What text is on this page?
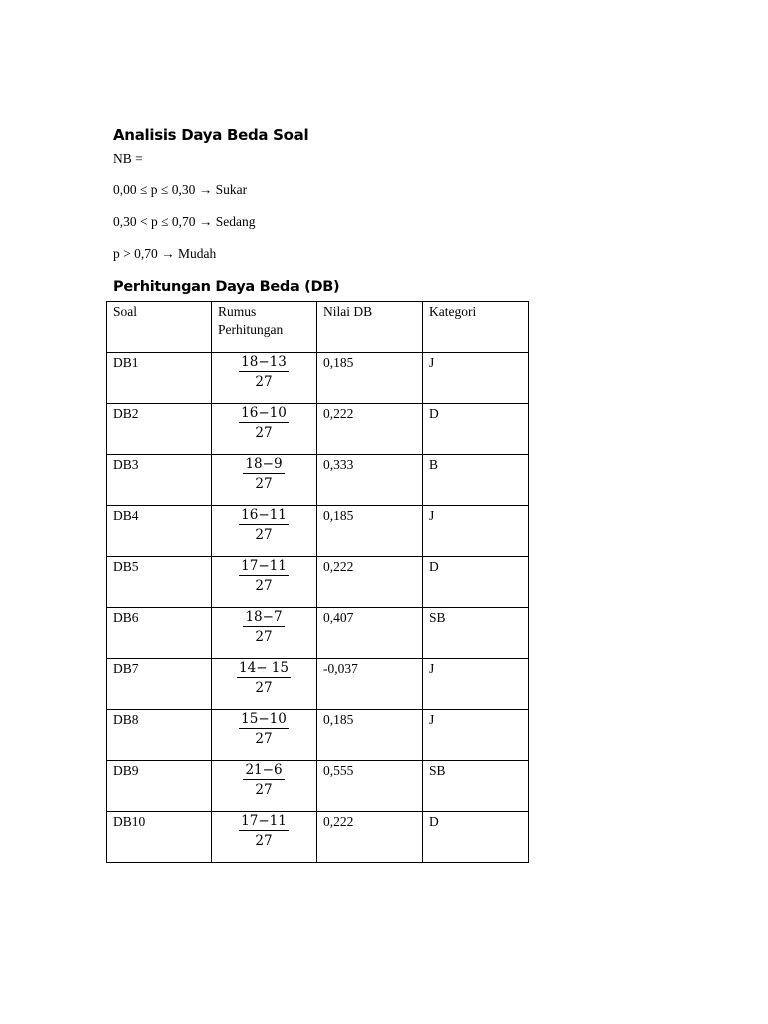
Analisis Daya Beda Soal
NB =
0,00 ≤ p ≤ 0,30 → Sukar
0,30 < p ≤ 0,70 → Sedang
p > 0,70 → Mudah
Perhitungan Daya Beda (DB)
Soal	Rumus Perhitungan	Nilai DB	Kategori
DB1	$\frac{18-13}{27}$	0,185	J
DB2	$\frac{16-10}{27}$	0,222	D
DB3	$\frac{18-9}{27}$	0,333	B
DB4	$\frac{16-11}{27}$	0,185	J
DB5	$\frac{17-11}{27}$	0,222	D
DB6	$\frac{18-7}{27}$	0,407	SB
DB7	$\frac{14- 15}{27}$	-0,037	J
DB8	$\frac{15-10}{27}$	0,185	J
DB9	$\frac{21-6}{27}$	0,555	SB
DB10	$\frac{17-11}{27}$	0,222	D
